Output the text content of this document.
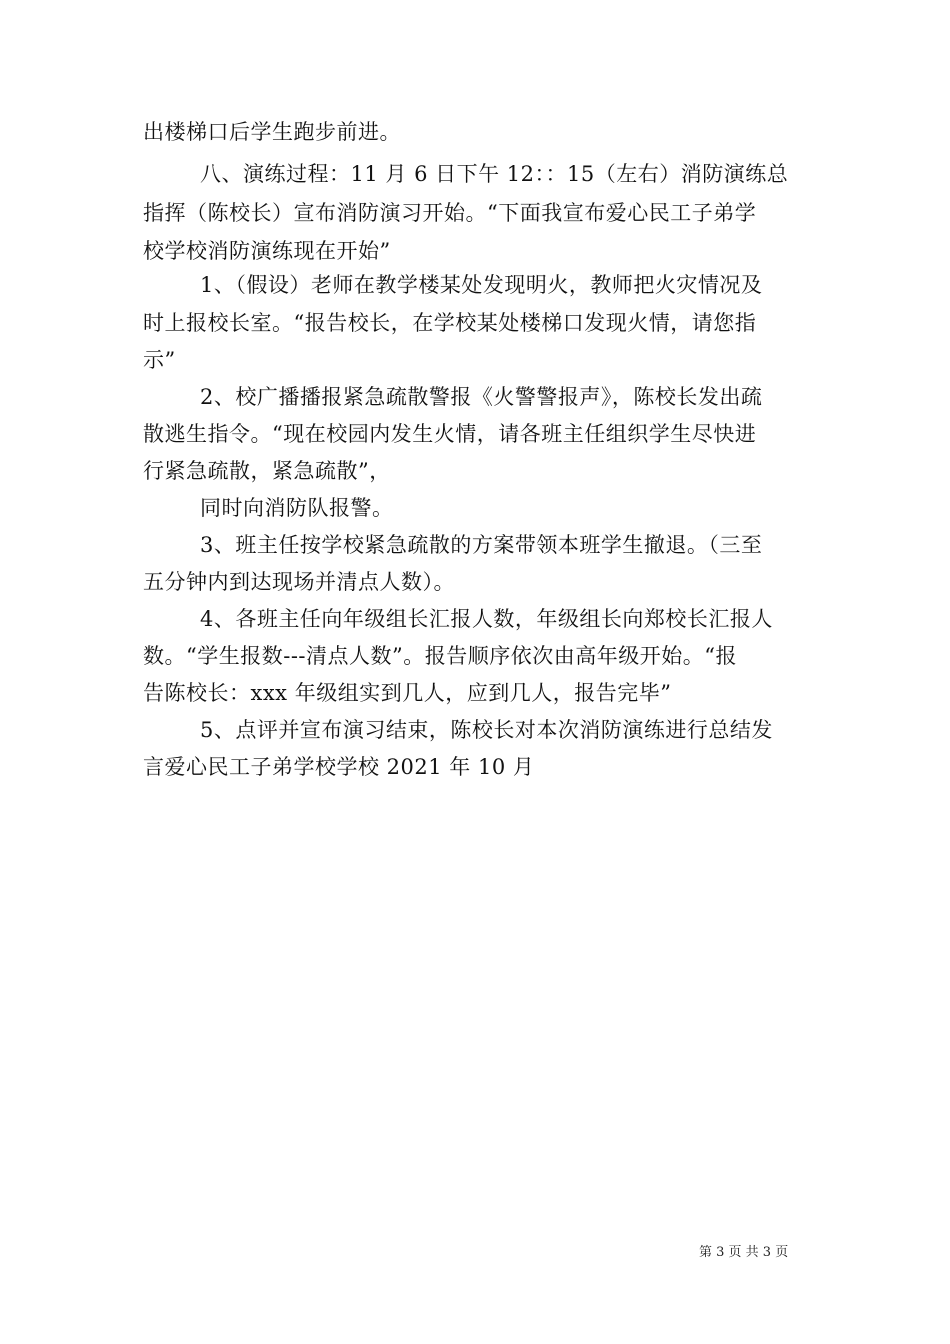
出楼梯口后学生跑步前进。
八、演练过程：11 月 6 日下午 12：：15（左右）消防演练总
指挥（陈校长）宣布消防演习开始。“下面我宣布爱心民工子弟学
校学校消防演练现在开始”
1、（假设）老师在教学楼某处发现明火，教师把火灾情况及
时上报校长室。“报告校长，在学校某处楼梯口发现火情，请您指
示”
2、校广播播报紧急疏散警报《火警警报声》，陈校长发出疏
散逃生指令。“现在校园内发生火情，请各班主任组织学生尽快进
行紧急疏散，紧急疏散”，
同时向消防队报警。
3、班主任按学校紧急疏散的方案带领本班学生撤退。（三至
五分钟内到达现场并清点人数）。
4、各班主任向年级组长汇报人数，年级组长向郑校长汇报人
数。“学生报数---清点人数”。报告顺序依次由高年级开始。“报
告陈校长：xxx 年级组实到几人，应到几人，报告完毕”
5、点评并宣布演习结束，陈校长对本次消防演练进行总结发
言爱心民工子弟学校学校 2021 年 10 月
第 3 页 共 3 页
